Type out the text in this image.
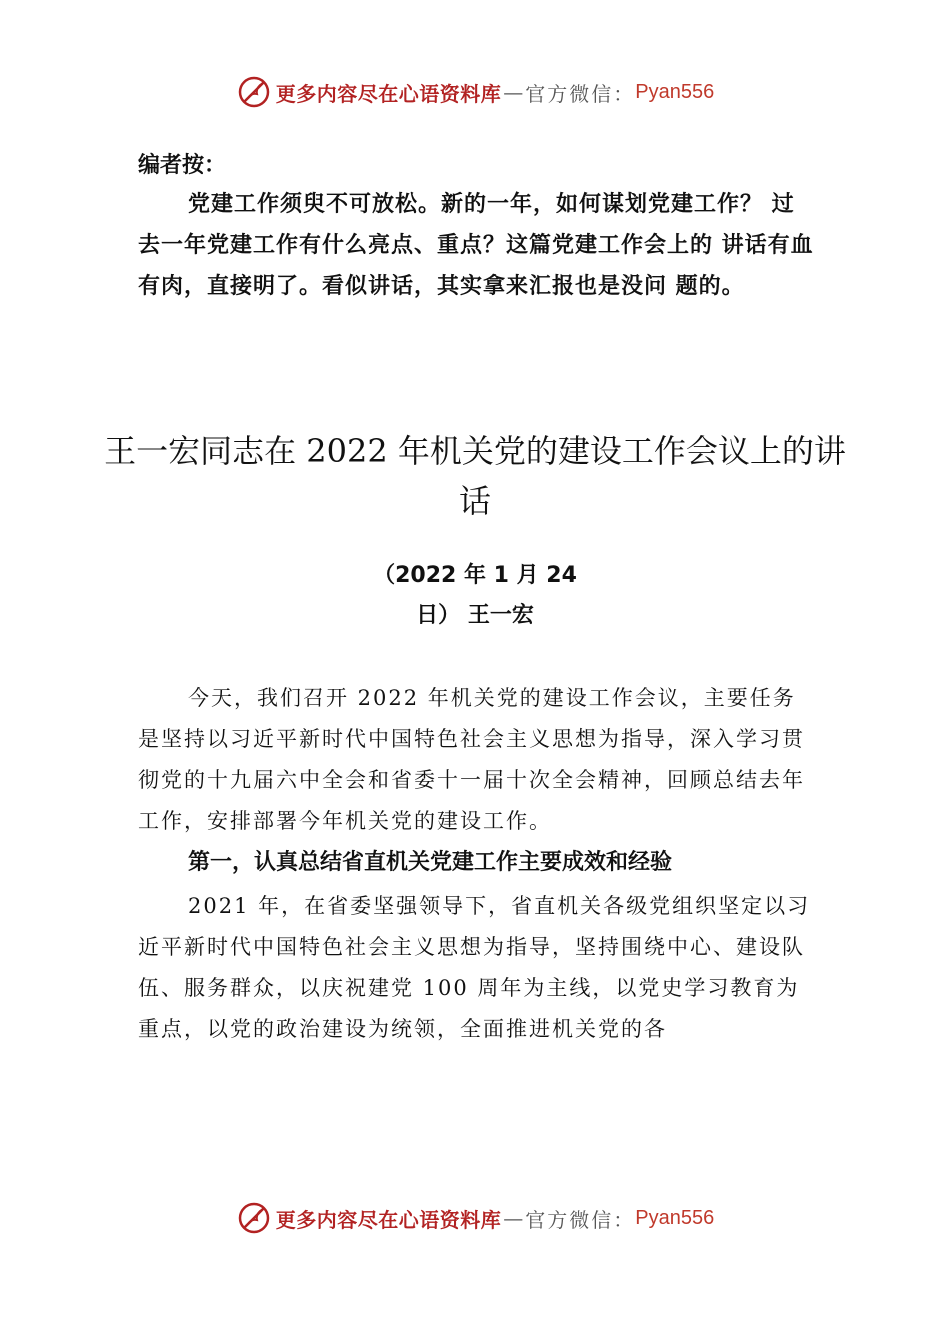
更多内容尽在心语资料库 — 官方微信： Pyan556

编者按：

党建工作须臾不可放松。新的一年，如何谋划党建工作？ 过去一年党建工作有什么亮点、重点？这篇党建工作会上的 讲话有血有肉，直接明了。看似讲话，其实拿来汇报也是没问 题的。

王一宏同志在 2022 年机关党的建设工作会议上的讲话
（2022 年 1 月 24
日） 王一宏

今天，我们召开 2022 年机关党的建设工作会议，主要任务是坚持以习近平新时代中国特色社会主义思想为指导，深入学习贯彻党的十九届六中全会和省委十一届十次全会精神，回顾总结去年工作，安排部署今年机关党的建设工作。

第一，认真总结省直机关党建工作主要成效和经验

2021 年，在省委坚强领导下，省直机关各级党组织坚定以习近平新时代中国特色社会主义思想为指导，坚持围绕中心、建设队伍、服务群众，以庆祝建党 100 周年为主线，以党史学习教育为重点，以党的政治建设为统领，全面推进机关党的各

更多内容尽在心语资料库 — 官方微信： Pyan556
